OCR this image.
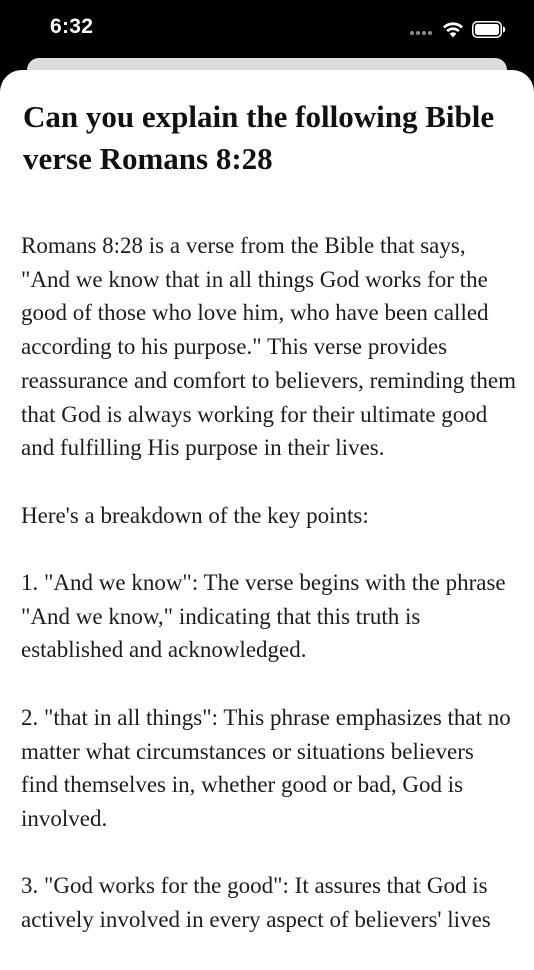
6:32
Can you explain the following Bible verse Romans 8:28

Romans 8:28 is a verse from the Bible that says, "And we know that in all things God works for the good of those who love him, who have been called according to his purpose." This verse provides reassurance and comfort to believers, reminding them that God is always working for their ultimate good and fulfilling His purpose in their lives.

Here's a breakdown of the key points:

1. "And we know": The verse begins with the phrase "And we know," indicating that this truth is established and acknowledged.

2. "that in all things": This phrase emphasizes that no matter what circumstances or situations believers find themselves in, whether good or bad, God is involved.

3. "God works for the good": It assures that God is actively involved in every aspect of believers' lives
